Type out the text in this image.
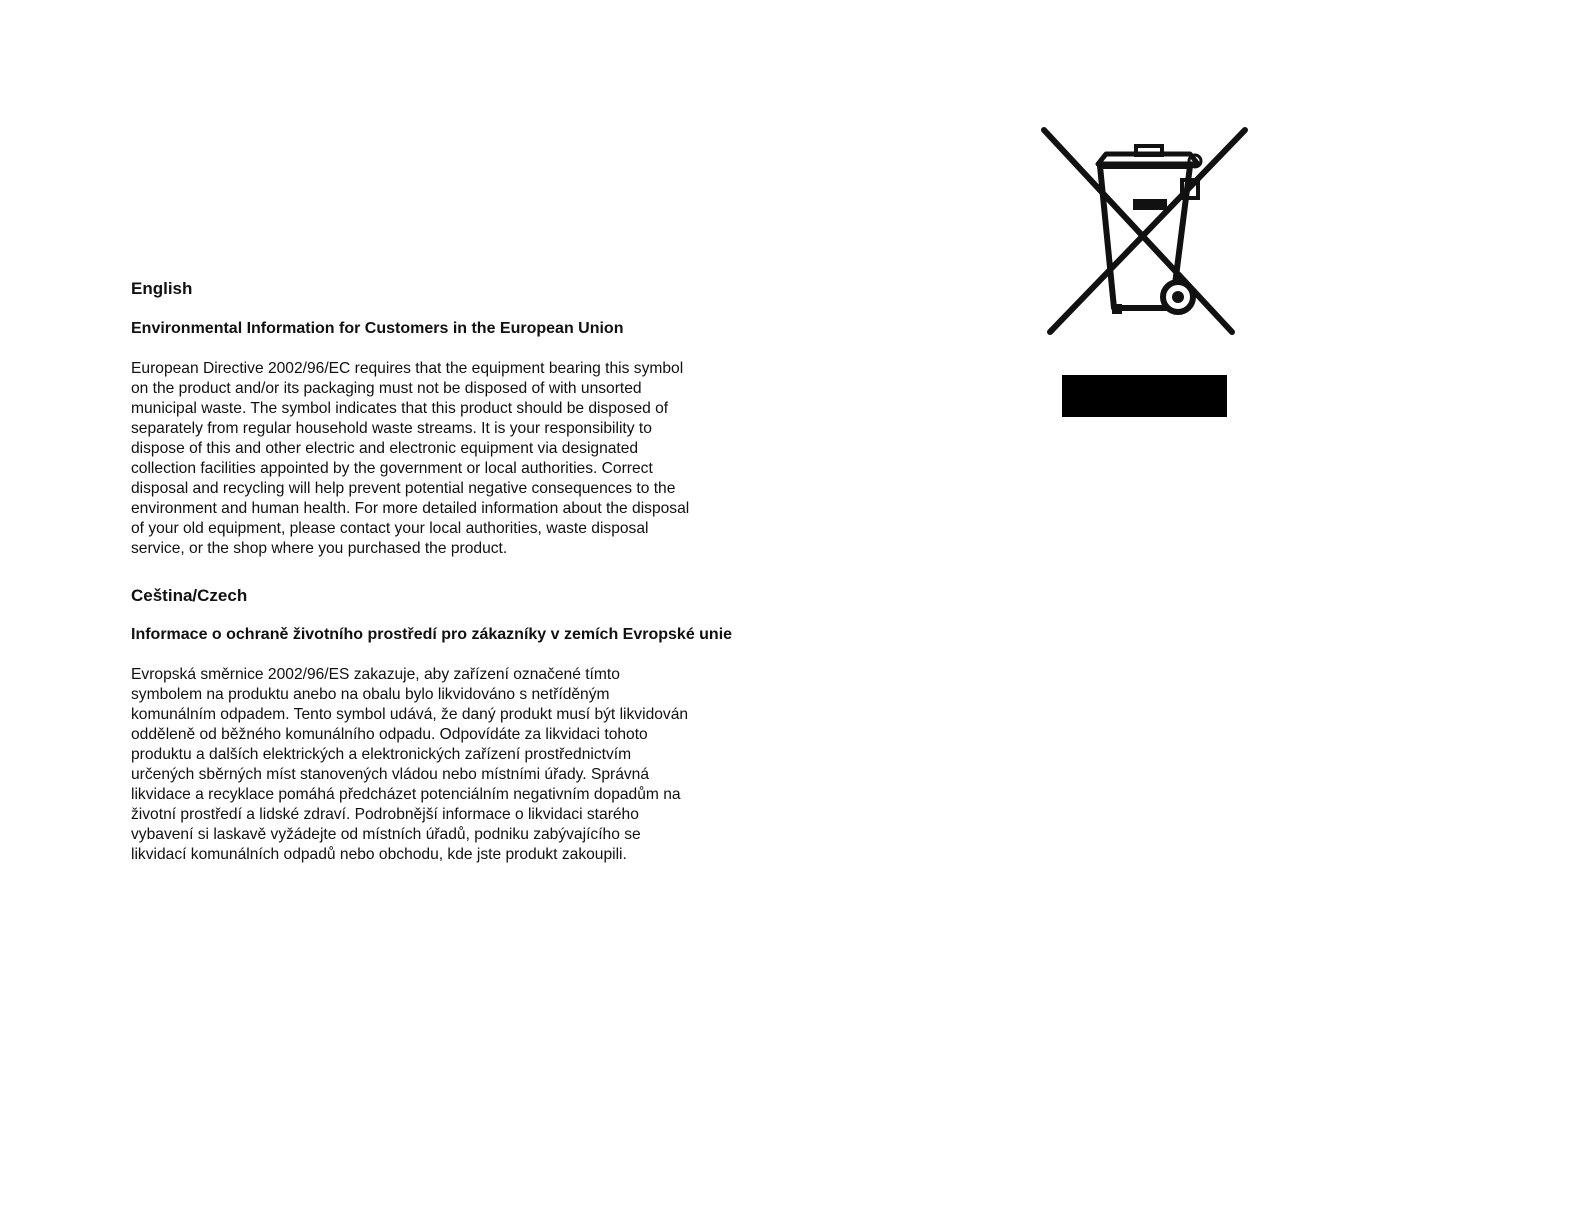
English

Environmental Information for Customers in the European Union

European Directive 2002/96/EC requires that the equipment bearing this symbol
on the product and/or its packaging must not be disposed of with unsorted
municipal waste. The symbol indicates that this product should be disposed of
separately from regular household waste streams. It is your responsibility to
dispose of this and other electric and electronic equipment via designated
collection facilities appointed by the government or local authorities. Correct
disposal and recycling will help prevent potential negative consequences to the
environment and human health. For more detailed information about the disposal
of your old equipment, please contact your local authorities, waste disposal
service, or the shop where you purchased the product.

Ceština/Czech

Informace o ochraně životního prostředí pro zákazníky v zemích Evropské unie

Evropská směrnice 2002/96/ES zakazuje, aby zařízení označené tímto
symbolem na produktu anebo na obalu bylo likvidováno s netříděným
komunálním odpadem. Tento symbol udává, že daný produkt musí být likvidován
odděleně od běžného komunálního odpadu. Odpovídáte za likvidaci tohoto
produktu a dalších elektrických a elektronických zařízení prostřednictvím
určených sběrných míst stanovených vládou nebo místními úřady. Správná
likvidace a recyklace pomáhá předcházet potenciálním negativním dopadům na
životní prostředí a lidské zdraví. Podrobnější informace o likvidaci starého
vybavení si laskavě vyžádejte od místních úřadů, podniku zabývajícího se
likvidací komunálních odpadů nebo obchodu, kde jste produkt zakoupili.
